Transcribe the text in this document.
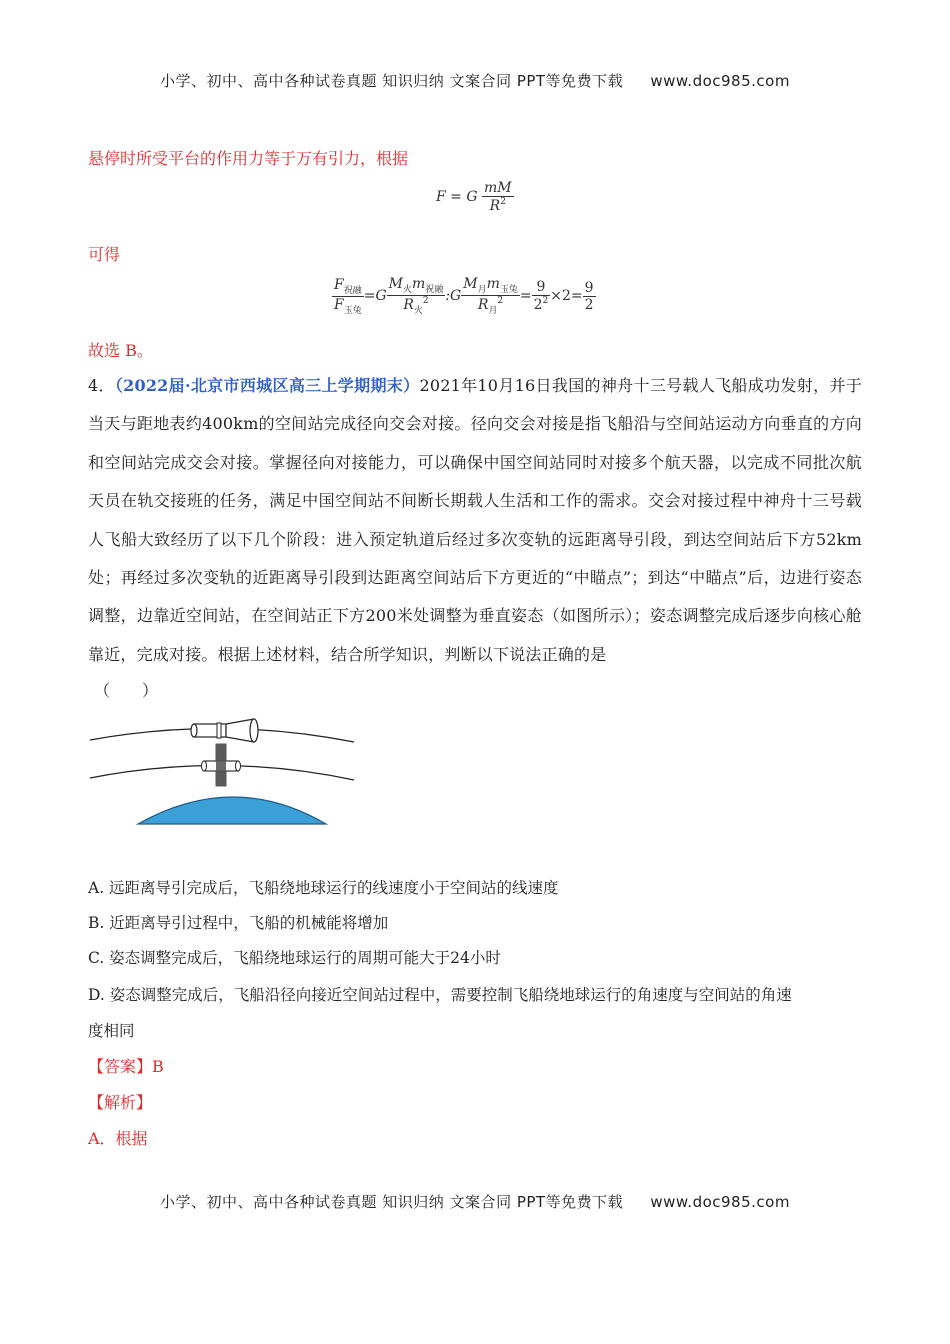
小学、初中、高中各种试卷真题 知识归纳 文案合同 PPT等免费下载 www.doc985.com
悬停时所受平台的作用力等于万有引力，根据
F = G $\frac{mM}{R^2}$
可得
$\frac{F_{祝融}}{F_{玉兔}} =G \frac{M_火m_{祝融}}{R_火^2}$ :G $\frac{M_月m_{玉兔}}{R_月^2} = \frac{9}{2^2} \times 2= \frac{9}{2}$
故选 B。
4．（2022届·北京市西城区高三上学期期末）2021年10月16日我国的神舟十三号载人飞船成功发射，并于当天与距地表约400km的空间站完成径向交会对接。径向交会对接是指飞船沿与空间站运动方向垂直的方向和空间站完成交会对接。掌握径向对接能力，可以确保中国空间站同时对接多个航天器，以完成不同批次航天员在轨交接班的任务，满足中国空间站不间断长期载人生活和工作的需求。交会对接过程中神舟十三号载人飞船大致经历了以下几个阶段：进入预定轨道后经过多次变轨的远距离导引段，到达空间站后下方52km处；再经过多次变轨的近距离导引段到达距离空间站后下方更近的“中瞄点”；到达“中瞄点”后，边进行姿态调整，边靠近空间站，在空间站正下方200米处调整为垂直姿态（如图所示）；姿态调整完成后逐步向核心舱靠近，完成对接。根据上述材料，结合所学知识，判断以下说法正确的是
（　　）
A. 远距离导引完成后，飞船绕地球运行的线速度小于空间站的线速度
B. 近距离导引过程中，飞船的机械能将增加
C. 姿态调整完成后，飞船绕地球运行的周期可能大于24小时
D. 姿态调整完成后，飞船沿径向接近空间站过程中，需要控制飞船绕地球运行的角速度与空间站的角速
度相同
【答案】B
【解析】
A．根据
小学、初中、高中各种试卷真题 知识归纳 文案合同 PPT等免费下载 www.doc985.com
